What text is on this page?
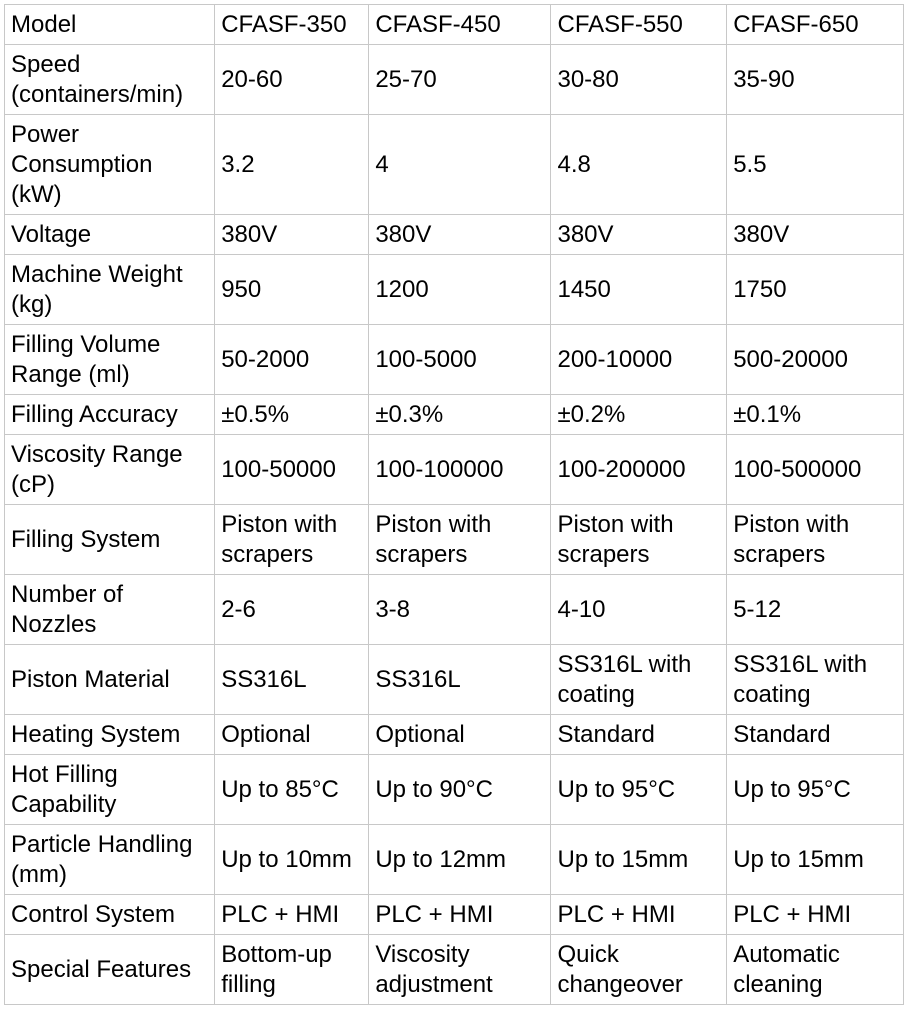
Model	CFASF-350	CFASF-450	CFASF-550	CFASF-650
Speed (containers/min)	20-60	25-70	30-80	35-90
Power Consumption (kW)	3.2	4	4.8	5.5
Voltage	380V	380V	380V	380V
Machine Weight (kg)	950	1200	1450	1750
Filling Volume Range (ml)	50-2000	100-5000	200-10000	500-20000
Filling Accuracy	±0.5%	±0.3%	±0.2%	±0.1%
Viscosity Range (cP)	100-50000	100-100000	100-200000	100-500000
Filling System	Piston with scrapers	Piston with scrapers	Piston with scrapers	Piston with scrapers
Number of Nozzles	2-6	3-8	4-10	5-12
Piston Material	SS316L	SS316L	SS316L with coating	SS316L with coating
Heating System	Optional	Optional	Standard	Standard
Hot Filling Capability	Up to 85°C	Up to 90°C	Up to 95°C	Up to 95°C
Particle Handling (mm)	Up to 10mm	Up to 12mm	Up to 15mm	Up to 15mm
Control System	PLC + HMI	PLC + HMI	PLC + HMI	PLC + HMI
Special Features	Bottom-up filling	Viscosity adjustment	Quick changeover	Automatic cleaning
